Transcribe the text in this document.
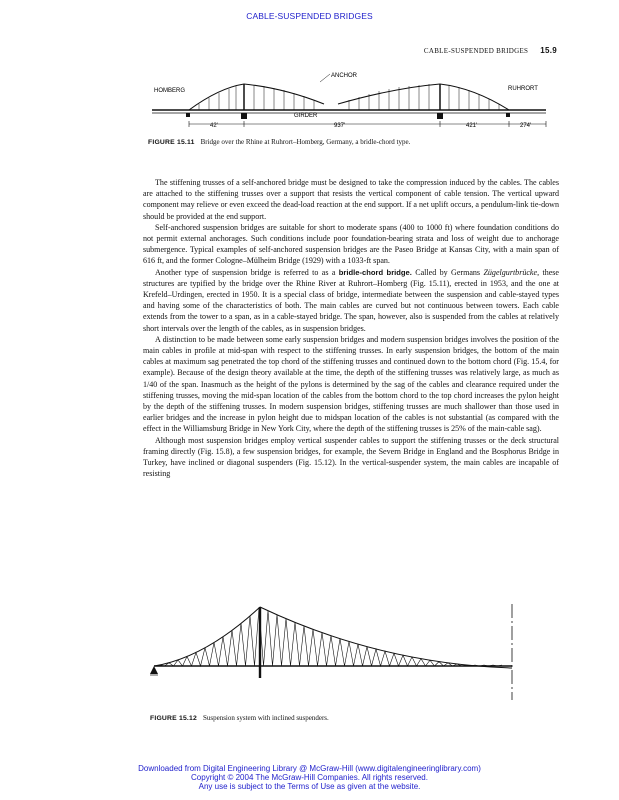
CABLE-SUSPENDED BRIDGES
CABLE-SUSPENDED BRIDGES 15.9
ANCHOR
HOMBERG	RUHRORT
GIRDER
42'	937'	421'	274'
FIGURE 15.11 Bridge over the Rhine at Ruhrort–Homberg, Germany, a bridle-chord type.

The stiffening trusses of a self-anchored bridge must be designed to take the compression induced by the cables. The cables are attached to the stiffening trusses over a support that resists the vertical component of cable tension. The vertical upward component may relieve or even exceed the dead-load reaction at the end support. If a net uplift occurs, a pendulum-link tie-down should be provided at the end support.

Self-anchored suspension bridges are suitable for short to moderate spans (400 to 1000 ft) where foundation conditions do not permit external anchorages. Such conditions include poor foundation-bearing strata and loss of weight due to anchorage submergence. Typical examples of self-anchored suspension bridges are the Paseo Bridge at Kansas City, with a main span of 616 ft, and the former Cologne–Mülheim Bridge (1929) with a 1033-ft span.

Another type of suspension bridge is referred to as a bridle-chord bridge. Called by Germans Zügelgurtbrücke, these structures are typified by the bridge over the Rhine River at Ruhrort–Homberg (Fig. 15.11), erected in 1953, and the one at Krefeld–Urdingen, erected in 1950. It is a special class of bridge, intermediate between the suspension and cable-stayed types and having some of the characteristics of both. The main cables are curved but not continuous between towers. Each cable extends from the tower to a span, as in a cable-stayed bridge. The span, however, also is suspended from the cables at relatively short intervals over the length of the cables, as in suspension bridges.

A distinction to be made between some early suspension bridges and modern suspension bridges involves the position of the main cables in profile at mid-span with respect to the stiffening trusses. In early suspension bridges, the bottom of the main cables at maximum sag penetrated the top chord of the stiffening trusses and continued down to the bottom chord (Fig. 15.4, for example). Because of the design theory available at the time, the depth of the stiffening trusses was relatively large, as much as 1/40 of the span. Inasmuch as the height of the pylons is determined by the sag of the cables and clearance required under the stiffening trusses, moving the mid-span location of the cables from the bottom chord to the top chord increases the pylon height by the depth of the stiffening trusses. In modern suspension bridges, stiffening trusses are much shallower than those used in earlier bridges and the increase in pylon height due to midspan location of the cables is not substantial (as compared with the effect in the Williamsburg Bridge in New York City, where the depth of the stiffening trusses is 25% of the main-cable sag).

Although most suspension bridges employ vertical suspender cables to support the stiffening trusses or the deck structural framing directly (Fig. 15.8), a few suspension bridges, for example, the Severn Bridge in England and the Bosphorus Bridge in Turkey, have inclined or diagonal suspenders (Fig. 15.12). In the vertical-suspender system, the main cables are incapable of resisting

FIGURE 15.12 Suspension system with inclined suspenders.
Downloaded from Digital Engineering Library @ McGraw-Hill (www.digitalengineeringlibrary.com)
Copyright © 2004 The McGraw-Hill Companies. All rights reserved.
Any use is subject to the Terms of Use as given at the website.
